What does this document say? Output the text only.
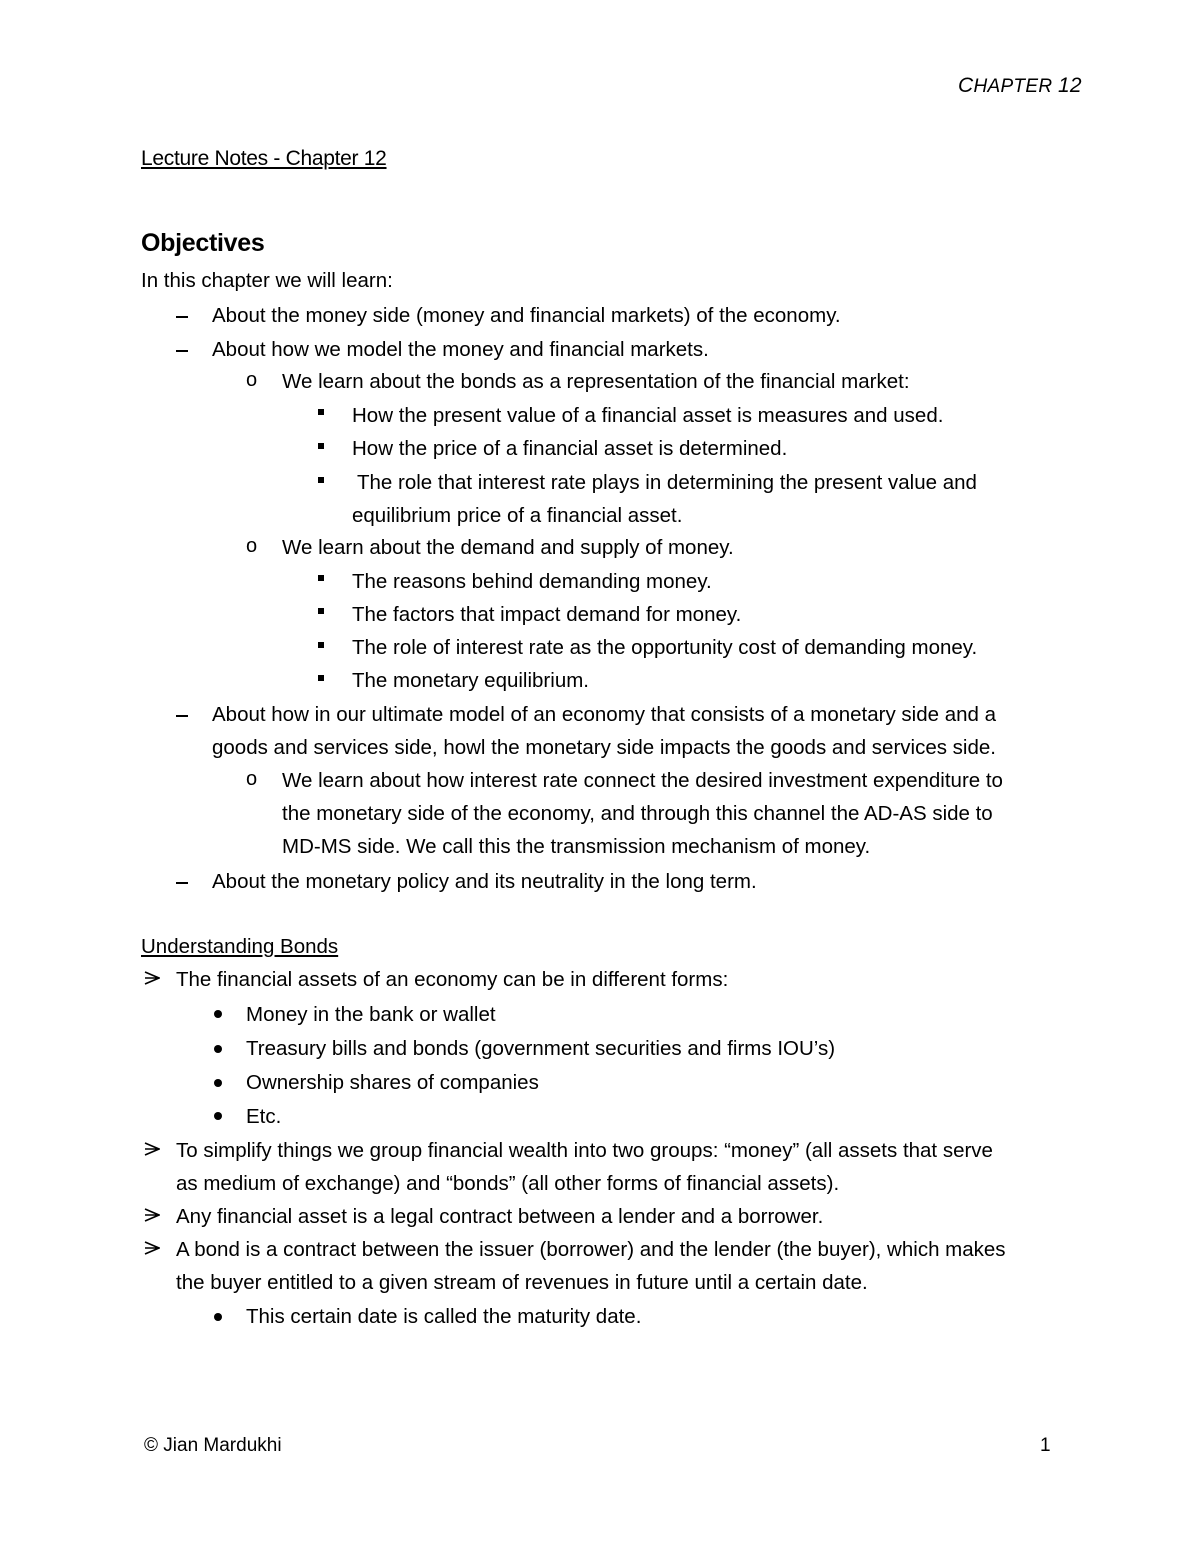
CHAPTER 12
Lecture Notes - Chapter 12
Objectives
In this chapter we will learn:
About the money side (money and financial markets) of the economy.
About how we model the money and financial markets.
o We learn about the bonds as a representation of the financial market:
How the present value of a financial asset is measures and used.
How the price of a financial asset is determined.
The role that interest rate plays in determining the present value and
equilibrium price of a financial asset.
o We learn about the demand and supply of money.
The reasons behind demanding money.
The factors that impact demand for money.
The role of interest rate as the opportunity cost of demanding money.
The monetary equilibrium.
About how in our ultimate model of an economy that consists of a monetary side and a
goods and services side, howl the monetary side impacts the goods and services side.
o We learn about how interest rate connect the desired investment expenditure to
the monetary side of the economy, and through this channel the AD-AS side to
MD-MS side. We call this the transmission mechanism of money.
About the monetary policy and its neutrality in the long term.
Understanding Bonds
The financial assets of an economy can be in different forms:
Money in the bank or wallet
Treasury bills and bonds (government securities and firms IOU’s)
Ownership shares of companies
Etc.
To simplify things we group financial wealth into two groups: “money” (all assets that serve
as medium of exchange) and “bonds” (all other forms of financial assets).
Any financial asset is a legal contract between a lender and a borrower.
A bond is a contract between the issuer (borrower) and the lender (the buyer), which makes
the buyer entitled to a given stream of revenues in future until a certain date.
This certain date is called the maturity date.
© Jian Mardukhi	1
